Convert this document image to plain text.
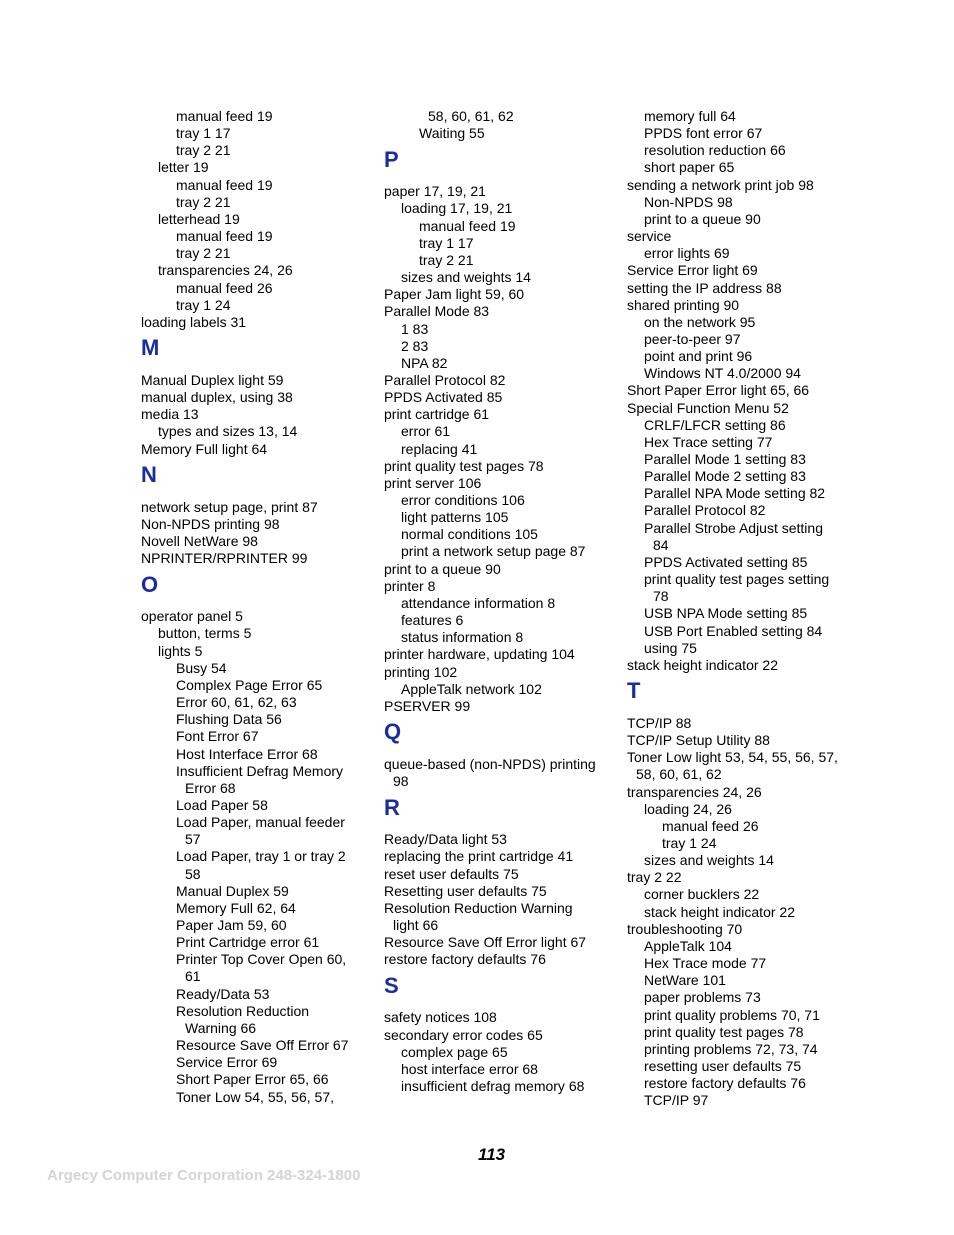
manual feed 19
tray 1 17
tray 2 21
letter 19
manual feed 19
tray 2 21
letterhead 19
manual feed 19
tray 2 21
transparencies 24, 26
manual feed 26
tray 1 24
loading labels 31
M
Manual Duplex light 59
manual duplex, using 38
media 13
types and sizes 13, 14
Memory Full light 64
N
network setup page, print 87
Non-NPDS printing 98
Novell NetWare 98
NPRINTER/RPRINTER 99
O
operator panel 5
button, terms 5
lights 5
Busy 54
Complex Page Error 65
Error 60, 61, 62, 63
Flushing Data 56
Font Error 67
Host Interface Error 68
Insufficient Defrag Memory
Error 68
Load Paper 58
Load Paper, manual feeder
57
Load Paper, tray 1 or tray 2
58
Manual Duplex 59
Memory Full 62, 64
Paper Jam 59, 60
Print Cartridge error 61
Printer Top Cover Open 60,
61
Ready/Data 53
Resolution Reduction
Warning 66
Resource Save Off Error 67
Service Error 69
Short Paper Error 65, 66
Toner Low 54, 55, 56, 57,
58, 60, 61, 62
Waiting 55
P
paper 17, 19, 21
loading 17, 19, 21
manual feed 19
tray 1 17
tray 2 21
sizes and weights 14
Paper Jam light 59, 60
Parallel Mode 83
1 83
2 83
NPA 82
Parallel Protocol 82
PPDS Activated 85
print cartridge 61
error 61
replacing 41
print quality test pages 78
print server 106
error conditions 106
light patterns 105
normal conditions 105
print a network setup page 87
print to a queue 90
printer 8
attendance information 8
features 6
status information 8
printer hardware, updating 104
printing 102
AppleTalk network 102
PSERVER 99
Q
queue-based (non-NPDS) printing
98
R
Ready/Data light 53
replacing the print cartridge 41
reset user defaults 75
Resetting user defaults 75
Resolution Reduction Warning
light 66
Resource Save Off Error light 67
restore factory defaults 76
S
safety notices 108
secondary error codes 65
complex page 65
host interface error 68
insufficient defrag memory 68
memory full 64
PPDS font error 67
resolution reduction 66
short paper 65
sending a network print job 98
Non-NPDS 98
print to a queue 90
service
error lights 69
Service Error light 69
setting the IP address 88
shared printing 90
on the network 95
peer-to-peer 97
point and print 96
Windows NT 4.0/2000 94
Short Paper Error light 65, 66
Special Function Menu 52
CRLF/LFCR setting 86
Hex Trace setting 77
Parallel Mode 1 setting 83
Parallel Mode 2 setting 83
Parallel NPA Mode setting 82
Parallel Protocol 82
Parallel Strobe Adjust setting
84
PPDS Activated setting 85
print quality test pages setting
78
USB NPA Mode setting 85
USB Port Enabled setting 84
using 75
stack height indicator 22
T
TCP/IP 88
TCP/IP Setup Utility 88
Toner Low light 53, 54, 55, 56, 57,
58, 60, 61, 62
transparencies 24, 26
loading 24, 26
manual feed 26
tray 1 24
sizes and weights 14
tray 2 22
corner bucklers 22
stack height indicator 22
troubleshooting 70
AppleTalk 104
Hex Trace mode 77
NetWare 101
paper problems 73
print quality problems 70, 71
print quality test pages 78
printing problems 72, 73, 74
resetting user defaults 75
restore factory defaults 76
TCP/IP 97
113
Argecy Computer Corporation 248-324-1800
